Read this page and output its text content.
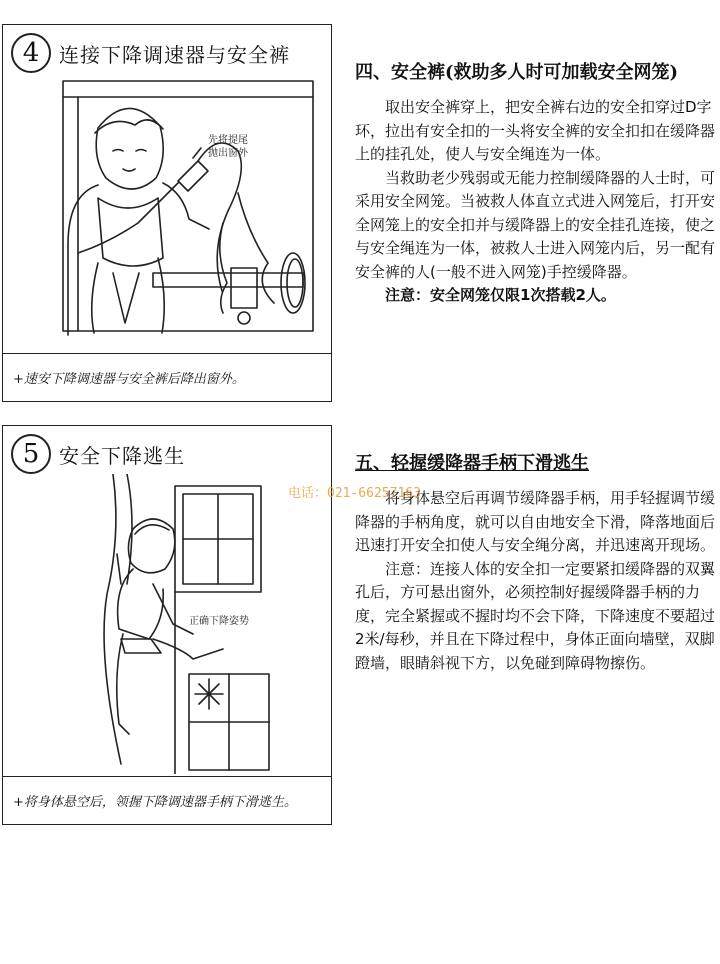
4 连接下降调速器与安全裤
先将提尾
抛出窗外
+速安下降调速器与安全裤后降出窗外。
四、安全裤(救助多人时可加载安全网笼)

取出安全裤穿上，把安全裤右边的安全扣穿过D字环，拉出有安全扣的一头将安全裤的安全扣扣在缓降器上的挂孔处，使人与安全绳连为一体。

当救助老少残弱或无能力控制缓降器的人士时，可采用安全网笼。当被救人体直立式进入网笼后，打开安全网笼上的安全扣并与缓降器上的安全挂孔连接，使之与安全绳连为一体，被救人士进入网笼内后，另一配有安全裤的人(一般不进入网笼)手控缓降器。

注意：安全网笼仅限1次搭载2人。

5 安全下降逃生
正确下降姿势
+将身体悬空后，领握下降调速器手柄下滑逃生。
五、轻握缓降器手柄下滑逃生

将身体悬空后再调节缓降器手柄，用手轻握调节缓降器的手柄角度，就可以自由地安全下滑，降落地面后迅速打开安全扣使人与安全绳分离，并迅速离开现场。

注意：连接人体的安全扣一定要紧扣缓降器的双翼孔后，方可悬出窗外，必须控制好握缓降器手柄的力度，完全紧握或不握时均不会下降，下降速度不要超过2米/每秒，并且在下降过程中，身体正面向墙壁，双脚蹬墙，眼睛斜视下方，以免碰到障碍物擦伤。

电话：021-66257163
